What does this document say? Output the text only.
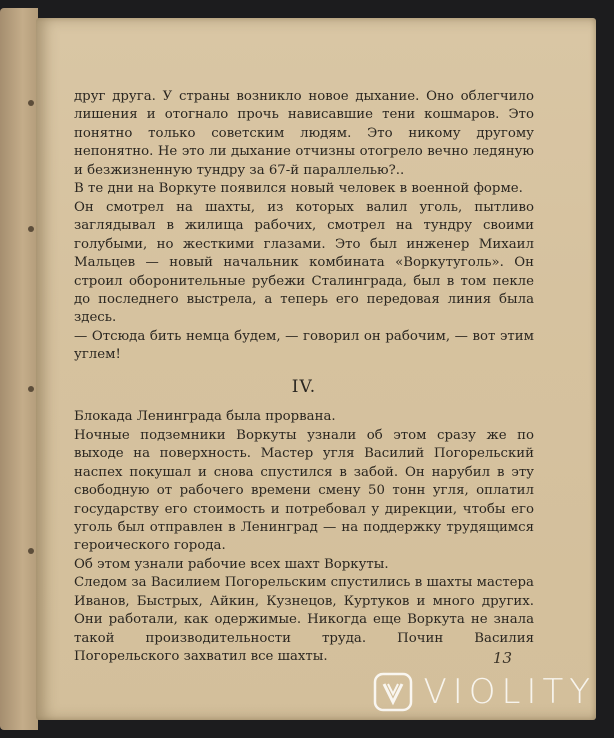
друг друга. У страны возникло новое дыхание. Оно облегчило лишения и отогнало прочь нависавшие тени кошмаров. Это понятно только советским людям. Это никому другому непонятно. Не это ли дыхание отчизны отогрело вечно ледяную и безжизненную тундру за 67-й параллелью?..

В те дни на Воркуте появился новый человек в военной форме.

Он смотрел на шахты, из которых валил уголь, пытливо заглядывал в жилища рабочих, смотрел на тундру своими голубыми, но жесткими глазами. Это был инженер Михаил Мальцев — новый начальник комбината «Воркутуголь». Он строил оборонительные рубежи Сталинграда, был в том пекле до последнего выстрела, а теперь его передовая линия была здесь.

— Отсюда бить немца будем, — говорил он рабочим, — вот этим углем!

IV.

Блокада Ленинграда была прорвана.

Ночные подземники Воркуты узнали об этом сразу же по выходе на поверхность. Мастер угля Василий Погорельский наспех покушал и снова спустился в забой. Он нарубил в эту свободную от рабочего времени смену 50 тонн угля, оплатил государству его стоимость и потребовал у дирекции, чтобы его уголь был отправлен в Ленинград — на поддержку трудящимся героического города.

Об этом узнали рабочие всех шахт Воркуты.

Следом за Василием Погорельским спустились в шахты мастера Иванов, Быстрых, Айкин, Кузнецов, Куртуков и много других. Они работали, как одержимые. Никогда еще Воркута не знала такой производительности труда. Почин Василия Погорельского захватил все шахты.	13
VIOLITY
